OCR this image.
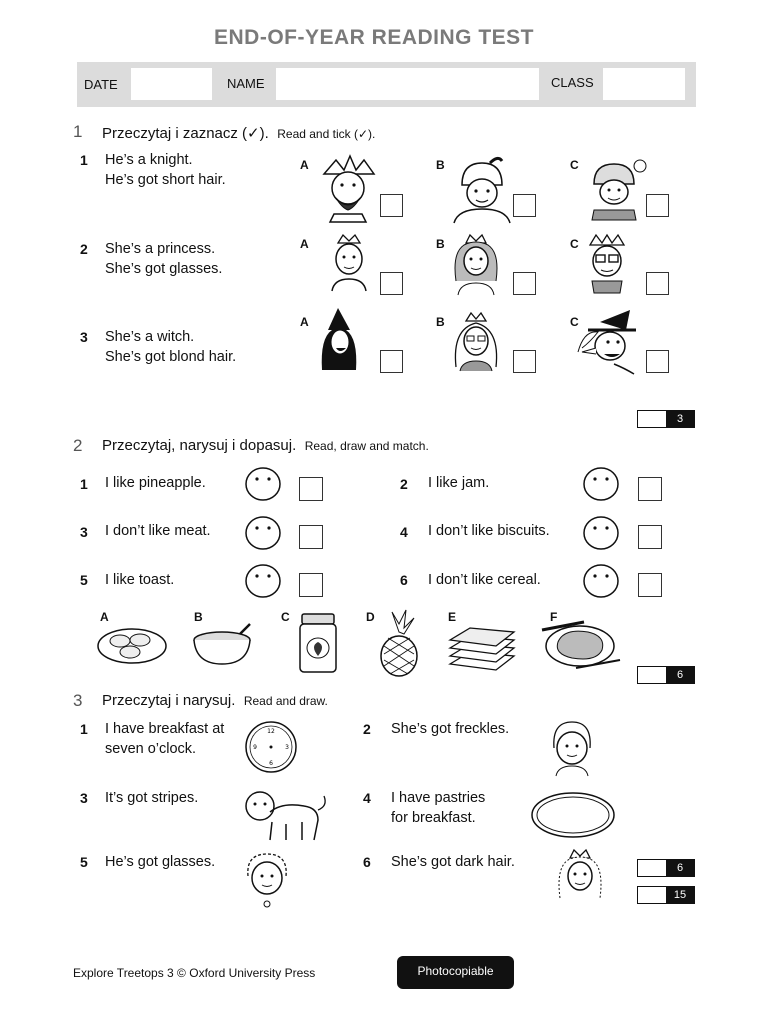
END-OF-YEAR READING TEST
DATE	NAME	CLASS
1 Przeczytaj i zaznacz (✓). Read and tick (✓).
1 He’s a knight.
He’s got short hair.
2 She’s a princess.
She’s got glasses.
3 She’s a witch.
She’s got blond hair.
A	B	C
A	B	C
A	B	C
3
2 Przeczytaj, narysuj i dopasuj. Read, draw and match.
1 I like pineapple.
3 I don’t like meat.
5 I like toast.
2 I like jam.
4 I don’t like biscuits.
6 I don’t like cereal.
A	B	C	D	E	F
6
3 Przeczytaj i narysuj. Read and draw.
1 I have breakfast at
seven o’clock.
2 She’s got freckles.
3 It’s got stripes.	4 I have pastries
for breakfast.
5 He’s got glasses.	6 She’s got dark hair.
12
3
6
9
6
15
Explore Treetops 3 © Oxford University Press	Photocopiable
